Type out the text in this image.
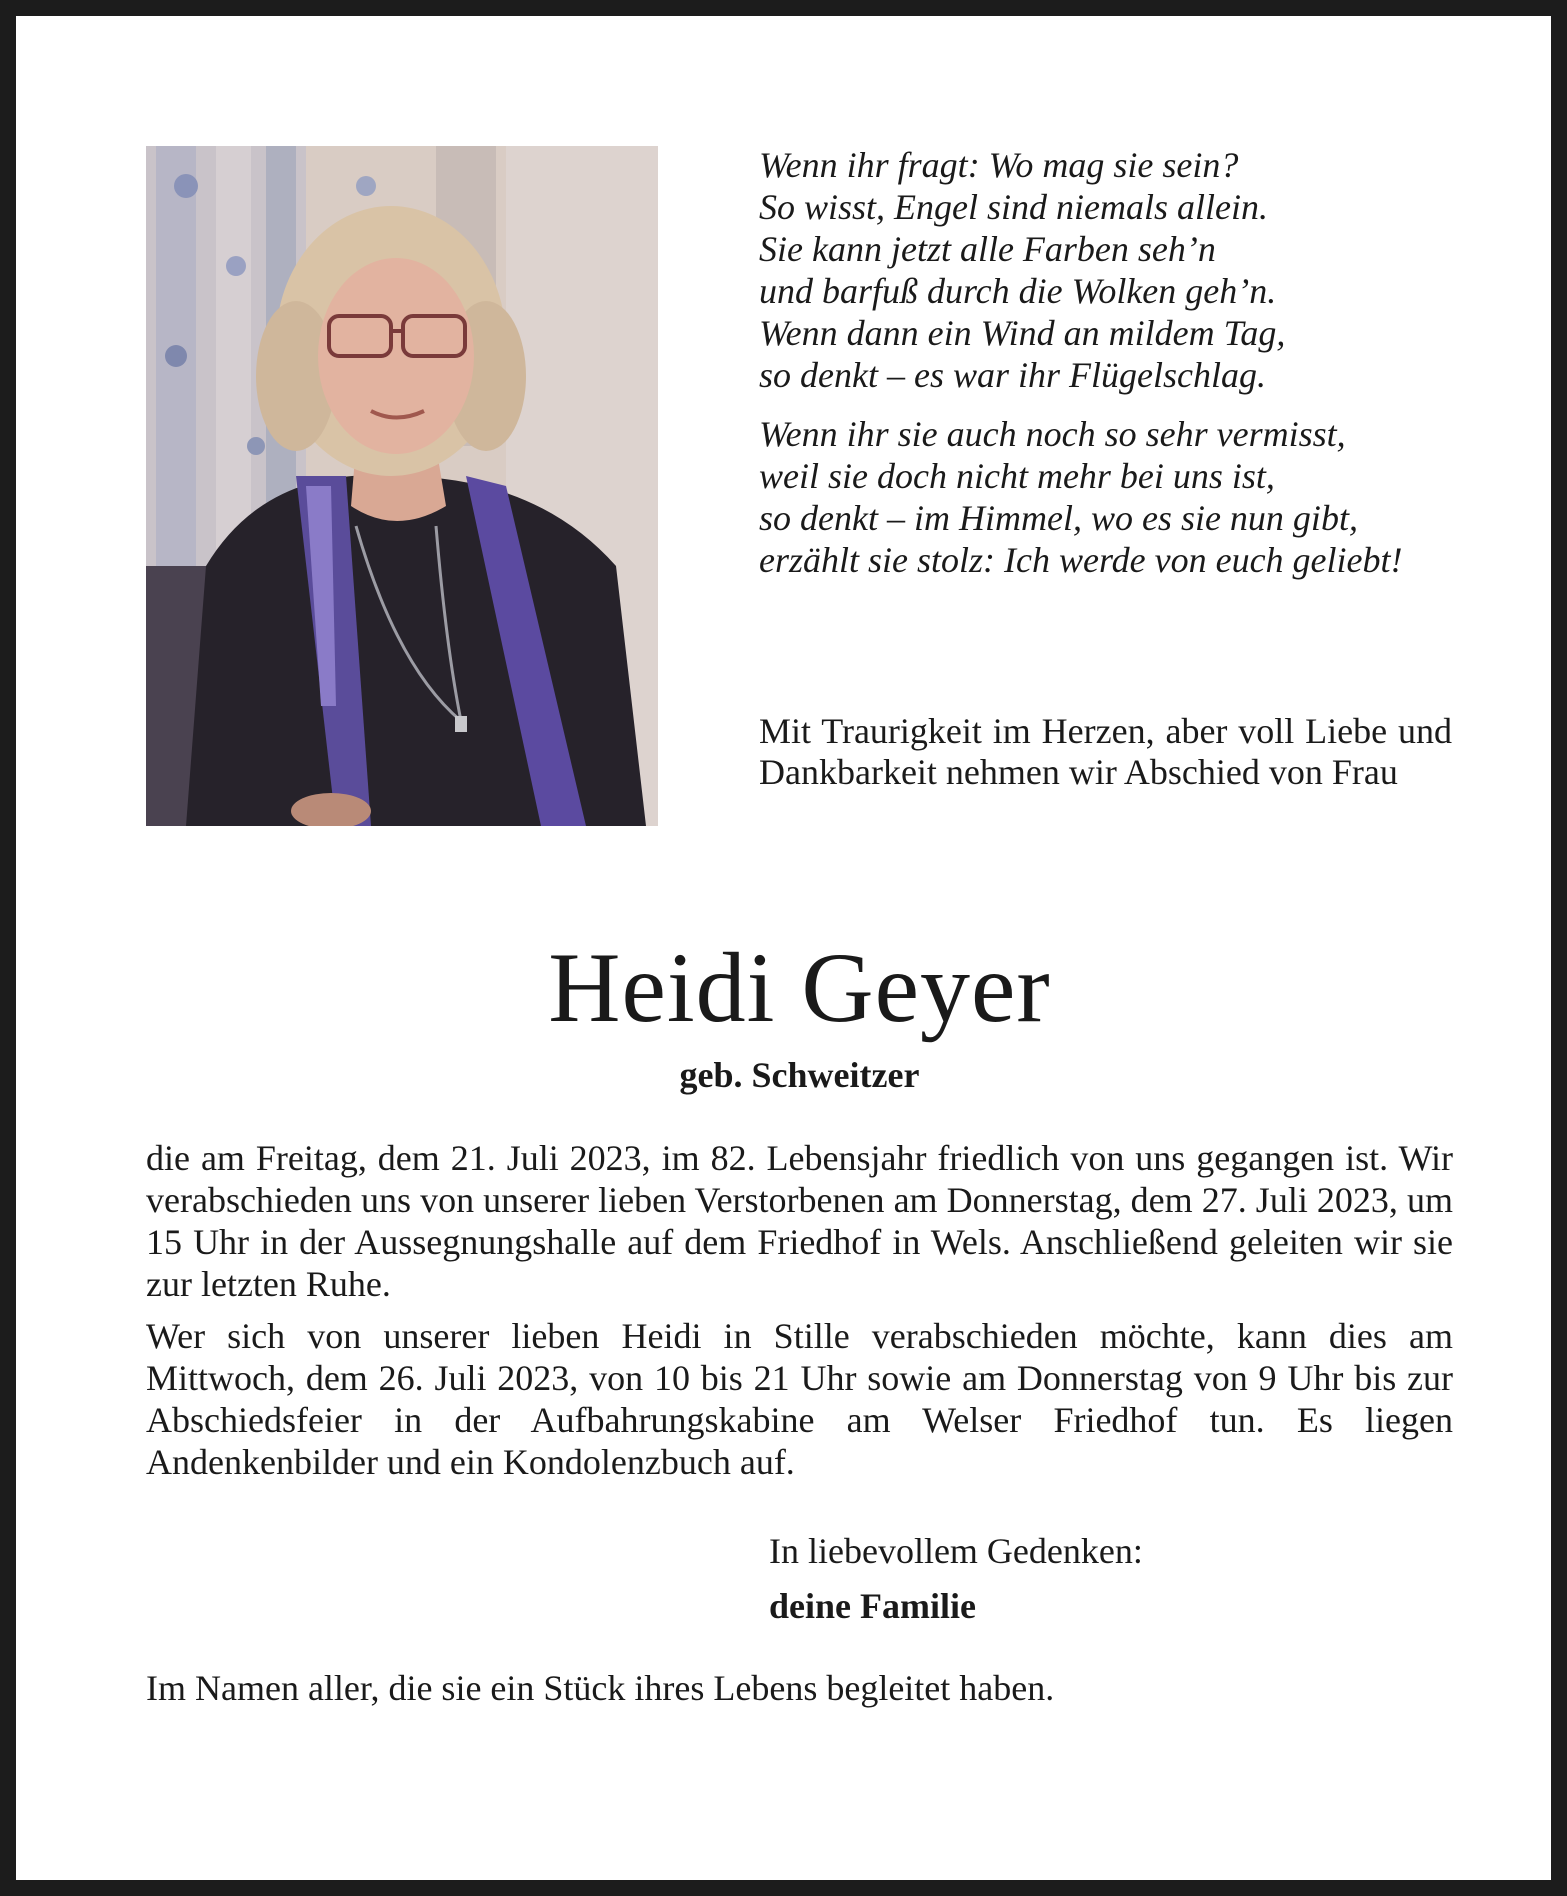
Wenn ihr fragt: Wo mag sie sein?
So wisst, Engel sind niemals allein.
Sie kann jetzt alle Farben seh’n
und barfuß durch die Wolken geh’n.
Wenn dann ein Wind an mildem Tag,
so denkt – es war ihr Flügelschlag.
Wenn ihr sie auch noch so sehr vermisst,
weil sie doch nicht mehr bei uns ist,
so denkt – im Himmel, wo es sie nun gibt,
erzählt sie stolz: Ich werde von euch geliebt!
Mit Traurigkeit im Herzen, aber voll Liebe und Dankbarkeit nehmen wir Abschied von Frau
Heidi Geyer
geb. Schweitzer

die am Freitag, dem 21. Juli 2023, im 82. Lebensjahr friedlich von uns gegangen ist. Wir verabschieden uns von unserer lieben Verstorbenen am Donnerstag, dem 27. Juli 2023, um 15 Uhr in der Aussegnungshalle auf dem Friedhof in Wels. Anschließend geleiten wir sie zur letzten Ruhe.

Wer sich von unserer lieben Heidi in Stille verabschieden möchte, kann dies am Mittwoch, dem 26. Juli 2023, von 10 bis 21 Uhr sowie am Donnerstag von 9 Uhr bis zur Abschiedsfeier in der Aufbahrungskabine am Welser Friedhof tun. Es liegen Andenkenbilder und ein Kondolenzbuch auf.

In liebevollem Gedenken:
deine Familie
Im Namen aller, die sie ein Stück ihres Lebens begleitet haben.
